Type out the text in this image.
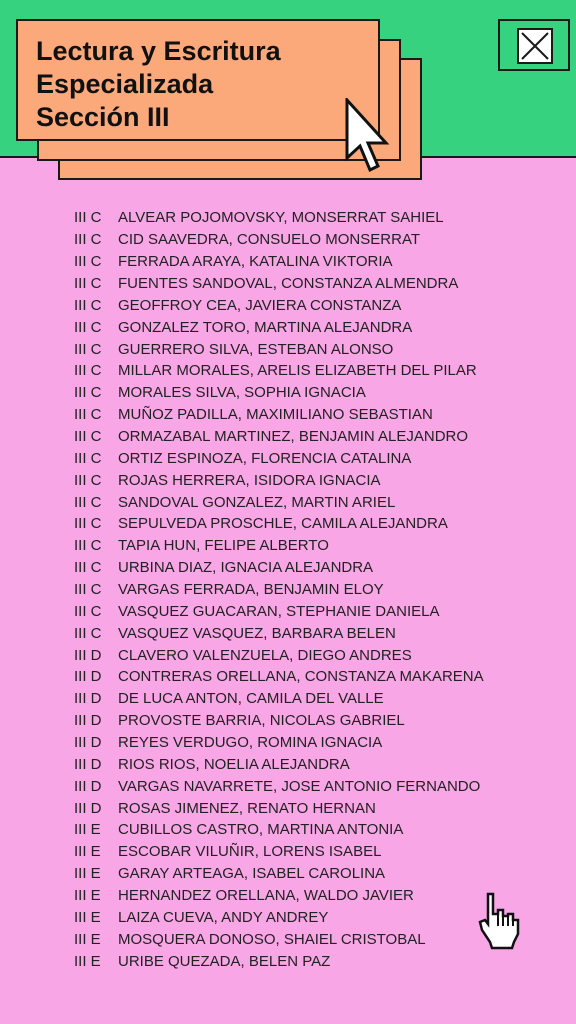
Lectura y Escritura
Especializada
Sección III
III C	ALVEAR POJOMOVSKY, MONSERRAT SAHIEL
III C	CID SAAVEDRA, CONSUELO MONSERRAT
III C	FERRADA ARAYA, KATALINA VIKTORIA
III C	FUENTES SANDOVAL, CONSTANZA ALMENDRA
III C	GEOFFROY CEA, JAVIERA CONSTANZA
III C	GONZALEZ TORO, MARTINA ALEJANDRA
III C	GUERRERO SILVA, ESTEBAN ALONSO
III C	MILLAR MORALES, ARELIS ELIZABETH DEL PILAR
III C	MORALES SILVA, SOPHIA IGNACIA
III C	MUÑOZ PADILLA, MAXIMILIANO SEBASTIAN
III C	ORMAZABAL MARTINEZ, BENJAMIN ALEJANDRO
III C	ORTIZ ESPINOZA, FLORENCIA CATALINA
III C	ROJAS HERRERA, ISIDORA IGNACIA
III C	SANDOVAL GONZALEZ, MARTIN ARIEL
III C	SEPULVEDA PROSCHLE, CAMILA ALEJANDRA
III C	TAPIA HUN, FELIPE ALBERTO
III C	URBINA DIAZ, IGNACIA ALEJANDRA
III C	VARGAS FERRADA, BENJAMIN ELOY
III C	VASQUEZ GUACARAN, STEPHANIE DANIELA
III C	VASQUEZ VASQUEZ, BARBARA BELEN
III D	CLAVERO VALENZUELA, DIEGO ANDRES
III D	CONTRERAS ORELLANA, CONSTANZA MAKARENA
III D	DE LUCA ANTON, CAMILA DEL VALLE
III D	PROVOSTE BARRIA, NICOLAS GABRIEL
III D	REYES VERDUGO, ROMINA IGNACIA
III D	RIOS RIOS, NOELIA ALEJANDRA
III D	VARGAS NAVARRETE, JOSE ANTONIO FERNANDO
III D	ROSAS JIMENEZ, RENATO HERNAN
III E	CUBILLOS CASTRO, MARTINA ANTONIA
III E	ESCOBAR VILUÑIR, LORENS ISABEL
III E	GARAY ARTEAGA, ISABEL CAROLINA
III E	HERNANDEZ ORELLANA, WALDO JAVIER
III E	LAIZA CUEVA, ANDY ANDREY
III E	MOSQUERA DONOSO, SHAIEL CRISTOBAL
III E	URIBE QUEZADA, BELEN PAZ
